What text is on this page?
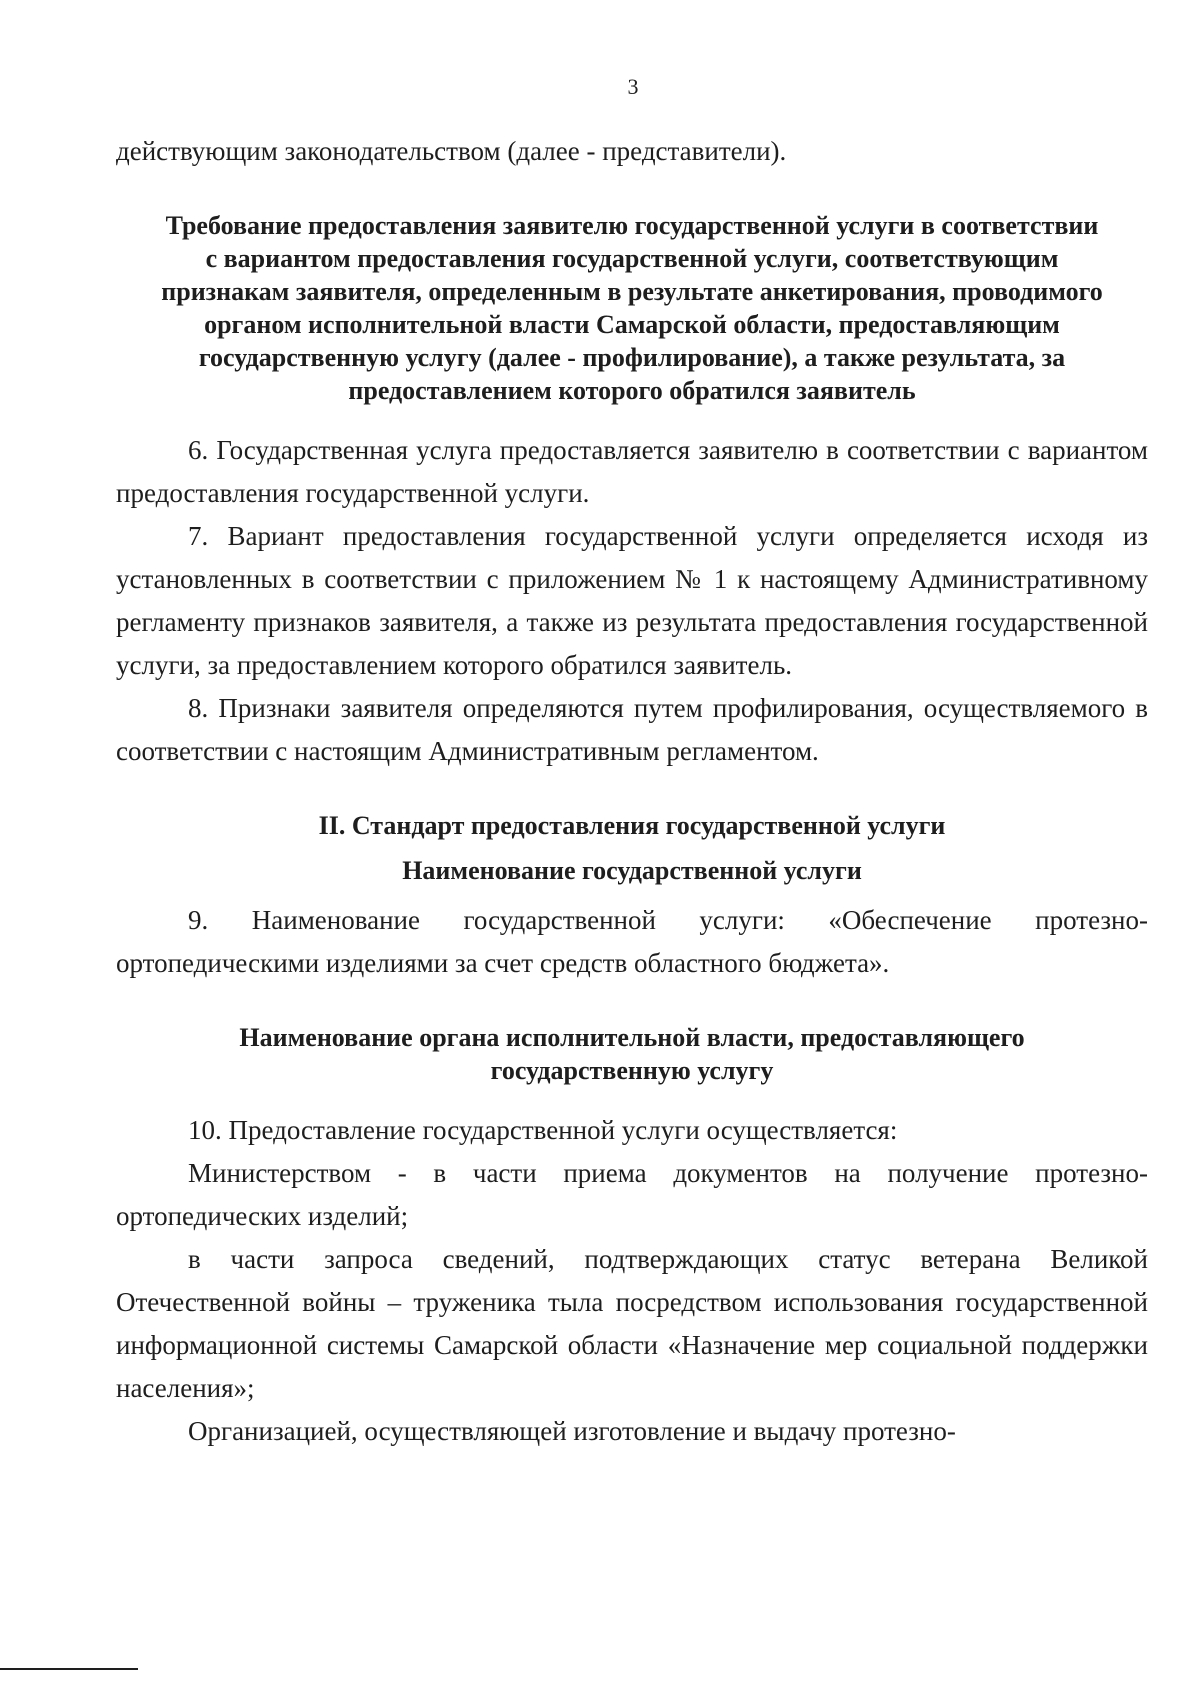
3

действующим законодательством (далее - представители).

Требование предоставления заявителю государственной услуги в соответствии
с вариантом предоставления государственной услуги, соответствующим
признакам заявителя, определенным в результате анкетирования, проводимого
органом исполнительной власти Самарской области, предоставляющим
государственную услугу (далее - профилирование), а также результата, за
предоставлением которого обратился заявитель

6. Государственная услуга предоставляется заявителю в соответствии с вариантом предоставления государственной услуги.

7. Вариант предоставления государственной услуги определяется исходя из установленных в соответствии с приложением № 1 к настоящему Административному регламенту признаков заявителя, а также из результата предоставления государственной услуги, за предоставлением которого обратился заявитель.

8. Признаки заявителя определяются путем профилирования, осуществляемого в соответствии с настоящим Административным регламентом.

II. Стандарт предоставления государственной услуги

Наименование государственной услуги

9. Наименование государственной услуги: «Обеспечение протезно-ортопедическими изделиями за счет средств областного бюджета».

Наименование органа исполнительной власти, предоставляющего
государственную услугу

10. Предоставление государственной услуги осуществляется:

Министерством - в части приема документов на получение протезно-ортопедических изделий;

в части запроса сведений, подтверждающих статус ветерана Великой Отечественной войны – труженика тыла посредством использования государственной информационной системы Самарской области «Назначение мер социальной поддержки населения»;

Организацией, осуществляющей изготовление и выдачу протезно-
